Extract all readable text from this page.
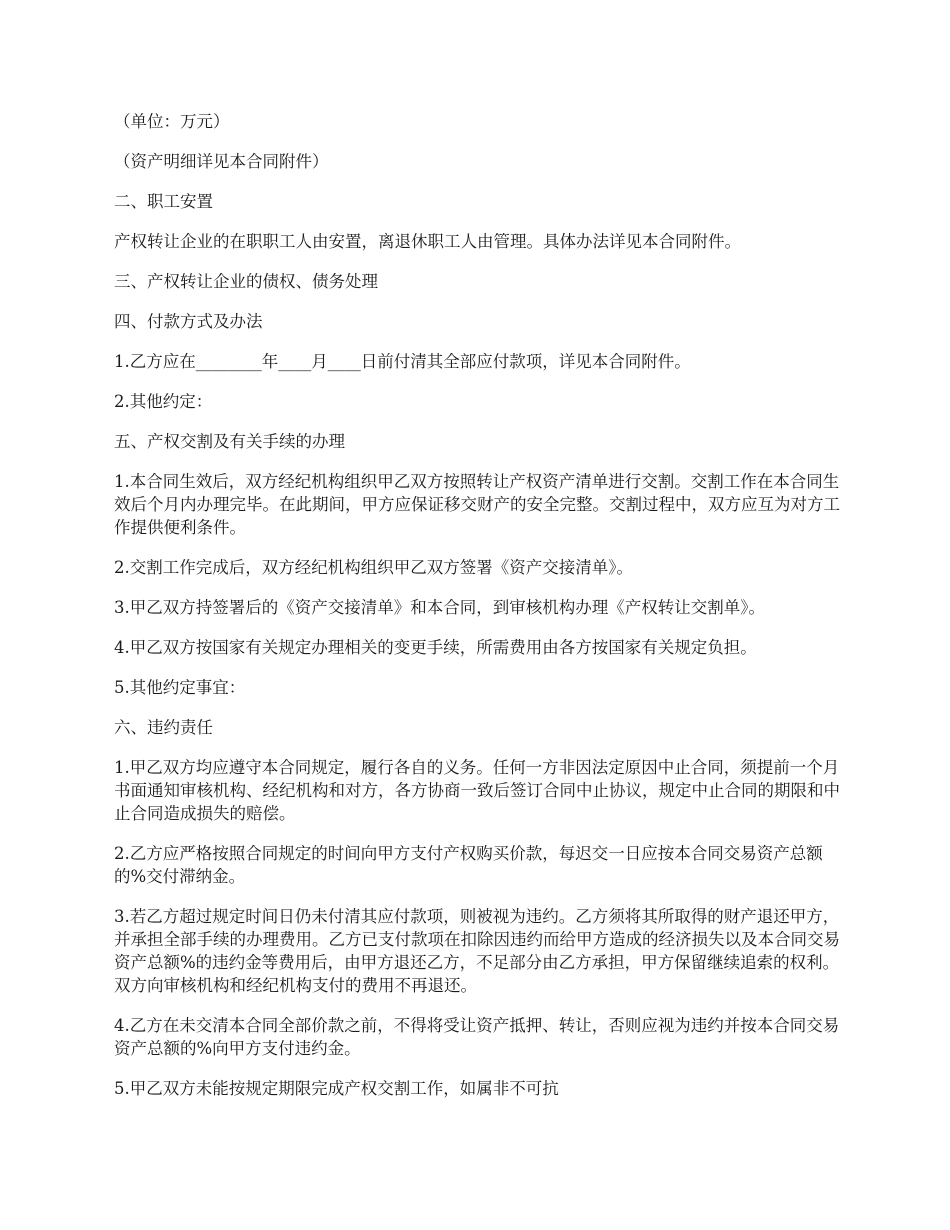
（单位：万元）

（资产明细详见本合同附件）

二、职工安置

产权转让企业的在职职工人由安置，离退休职工人由管理。具体办法详见本合同附件。

三、产权转让企业的债权、债务处理

四、付款方式及办法

1.乙方应在________年____月____日前付清其全部应付款项，详见本合同附件。

2.其他约定：

五、产权交割及有关手续的办理

1.本合同生效后，双方经纪机构组织甲乙双方按照转让产权资产清单进行交割。交割工作在本合同生效后个月内办理完毕。在此期间，甲方应保证移交财产的安全完整。交割过程中，双方应互为对方工作提供便利条件。

2.交割工作完成后，双方经纪机构组织甲乙双方签署《资产交接清单》。

3.甲乙双方持签署后的《资产交接清单》和本合同，到审核机构办理《产权转让交割单》。

4.甲乙双方按国家有关规定办理相关的变更手续，所需费用由各方按国家有关规定负担。

5.其他约定事宜：

六、违约责任

1.甲乙双方均应遵守本合同规定，履行各自的义务。任何一方非因法定原因中止合同，须提前一个月书面通知审核机构、经纪机构和对方，各方协商一致后签订合同中止协议，规定中止合同的期限和中止合同造成损失的赔偿。

2.乙方应严格按照合同规定的时间向甲方支付产权购买价款，每迟交一日应按本合同交易资产总额的%交付滞纳金。

3.若乙方超过规定时间日仍未付清其应付款项，则被视为违约。乙方须将其所取得的财产退还甲方，并承担全部手续的办理费用。乙方已支付款项在扣除因违约而给甲方造成的经济损失以及本合同交易资产总额%的违约金等费用后，由甲方退还乙方，不足部分由乙方承担，甲方保留继续追索的权利。双方向审核机构和经纪机构支付的费用不再退还。

4.乙方在未交清本合同全部价款之前，不得将受让资产抵押、转让，否则应视为违约并按本合同交易资产总额的%向甲方支付违约金。

5.甲乙双方未能按规定期限完成产权交割工作，如属非不可抗
